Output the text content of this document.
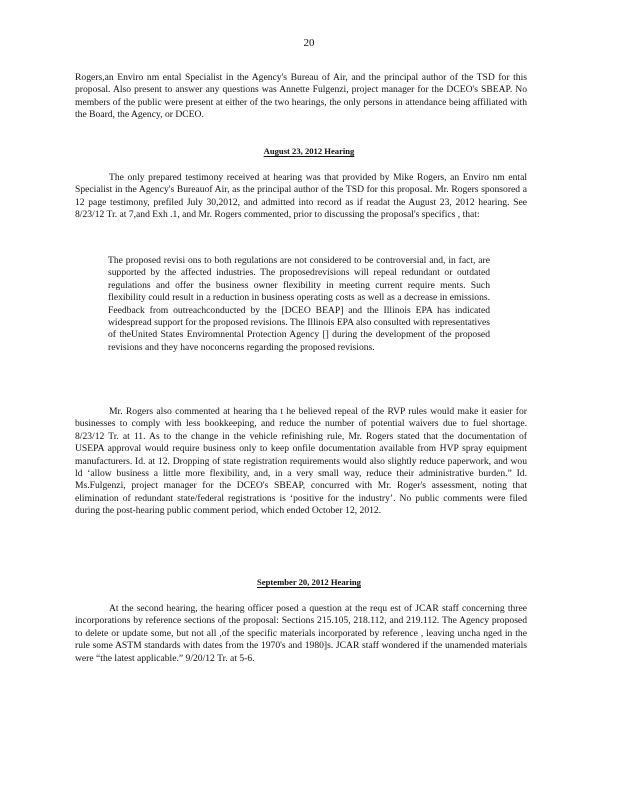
20

Rogers,an Enviro nm ental Specialist in the Agency's Bureau of Air, and the principal author of the TSD for this proposal. Also present to answer any questions was Annette Fulgenzi, project manager for the DCEO's SBEAP. No members of the public were present at either of the two hearings, the only persons in attendance being affiliated with the Board, the Agency, or DCEO.

August 23, 2012 Hearing

The only prepared testimony received at hearing was that provided by Mike Rogers, an Enviro nm ental Specialist in the Agency's Bureauof Air, as the principal author of the TSD for this proposal. Mr. Rogers sponsored a 12 page testimony, prefiled July 30,2012, and admitted into record as if readat the August 23, 2012 hearing. See 8/23/12 Tr. at 7,and Exh .1, and Mr. Rogers commented, prior to discussing the proposal's specifics , that:

The proposed revisi ons to both regulations are not considered to be controversial and, in fact, are supported by the affected industries. The proposedrevisions will repeal redundant or outdated regulations and offer the business owner flexibility in meeting current require ments. Such flexibility could result in a reduction in business operating costs as well as a decrease in emissions. Feedback from outreachconducted by the [DCEO BEAP] and the Illinois EPA has indicated widespread support for the proposed revisions. The Illinois EPA also consulted with representatives of theUnited States Enviromnental Protection Agency [] during the development of the proposed revisions and they have noconcerns regarding the proposed revisions.

Mr. Rogers also commented at hearing tha t he believed repeal of the RVP rules would make it easier for businesses to comply with less bookkeeping, and reduce the number of potential waivers due to fuel shortage. 8/23/12 Tr. at 11. As to the change in the vehicle refinishing rule, Mr. Rogers stated that the documentation of USEPA approval would require business only to keep onfile documentation available from HVP spray equipment manufacturers. Id. at 12. Dropping of state registration requirements would also slightly reduce paperwork, and wou ld ‘allow business a little more flexibility, and, in a very small way, reduce their administrative burden.” Id. Ms.Fulgenzi, project manager for the DCEO's SBEAP, concurred with Mr. Roger's assessment, noting that elimination of redundant state/federal registrations is ‘positive for the industry’. No public comments were filed during the post-hearing public comment period, which ended October 12, 2012.

September 20, 2012 Hearing

At the second hearing, the hearing officer posed a question at the requ est of JCAR staff concerning three incorporations by reference sections of the proposal: Sections 215.105, 218.112, and 219.112. The Agency proposed to delete or update some, but not all ,of the specific materials incorporated by reference , leaving uncha nged in the rule some ASTM standards with dates from the 1970's and 1980]s. JCAR staff wondered if the unamended materials were “the latest applicable.” 9/20/12 Tr. at 5-6.
